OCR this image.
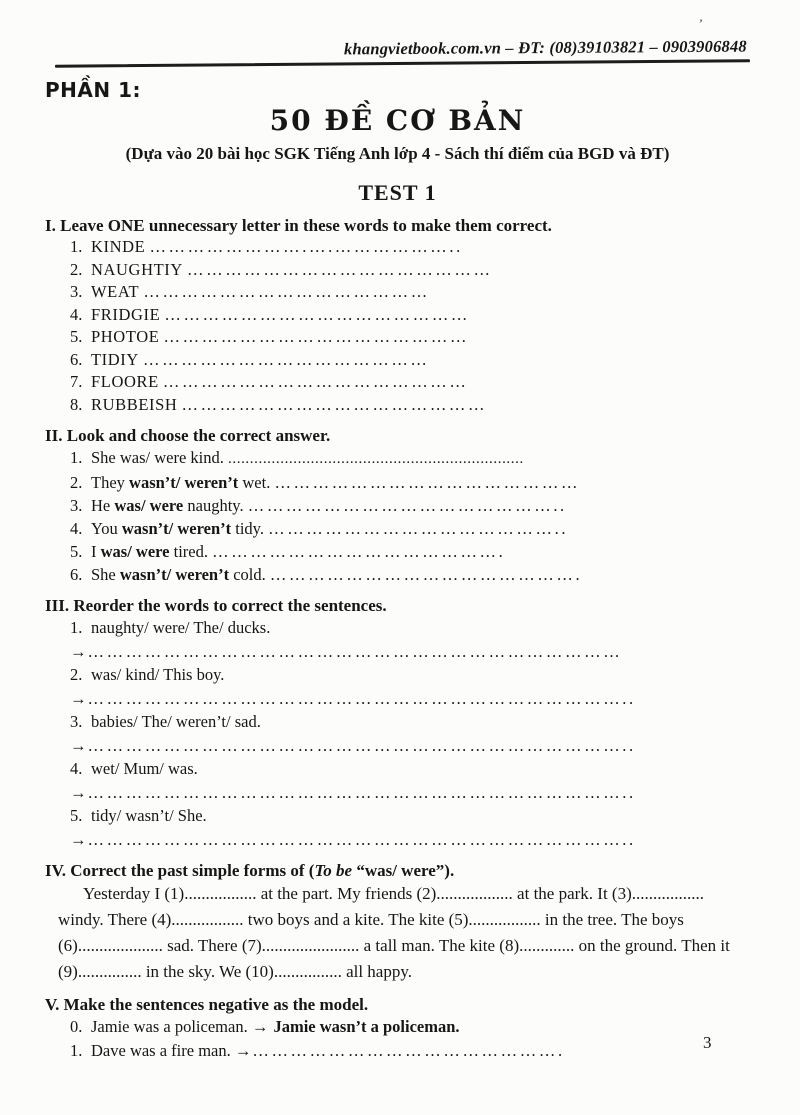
’
khangvietbook.com.vn – ĐT: (08)39103821 – 0903906848
PHẦN 1:
50 ĐỀ CƠ BẢN
(Dựa vào 20 bài học SGK Tiếng Anh lớp 4 - Sách thí điểm của BGD và ĐT)
TEST 1
I. Leave ONE unnecessary letter in these words to make them correct.
1. KINDE …………………….….………………..
2. NAUGHTIY …………………………………………
3. WEAT ………………………………………
4. FRIDGIE …………………………………………
5. PHOTOE …………………………………………
6. TIDIY ………………………………………
7. FLOORE …………………………………………
8. RUBBEISH …………………………………………
II. Look and choose the correct answer.
1. She was/ were kind. ....................................................................
2. They wasn’t/ weren’t wet. …………………………………………
3. He was/ were naughty. …………………………………………..
4. You wasn’t/ weren’t tidy. ………………………………………..
5. I was/ were tired. ……………………………………….
6. She wasn’t/ weren’t cold. ………………………………………….
III. Reorder the words to correct the sentences.
1. naughty/ were/ The/ ducks.
→…………………………………………………………………………
2. was/ kind/ This boy.
→…………………………………………………………………………..
3. babies/ The/ weren’t/ sad.
→…………………………………………………………………………..
4. wet/ Mum/ was.
→…………………………………………………………………………..
5. tidy/ wasn’t/ She.
→…………………………………………………………………………..
IV. Correct the past simple forms of (To be “was/ were”).
Yesterday I (1)................. at the part. My friends (2).................. at the park. It (3)................. windy. There (4)................. two boys and a kite. The kite (5)................. in the tree. The boys (6).................... sad. There (7)....................... a tall man. The kite (8)............. on the ground. Then it (9)............... in the sky. We (10)................ all happy.
V. Make the sentences negative as the model.
0. Jamie was a policeman. → Jamie wasn’t a policeman.
1. Dave was a fire man. →………………………………………….	3
